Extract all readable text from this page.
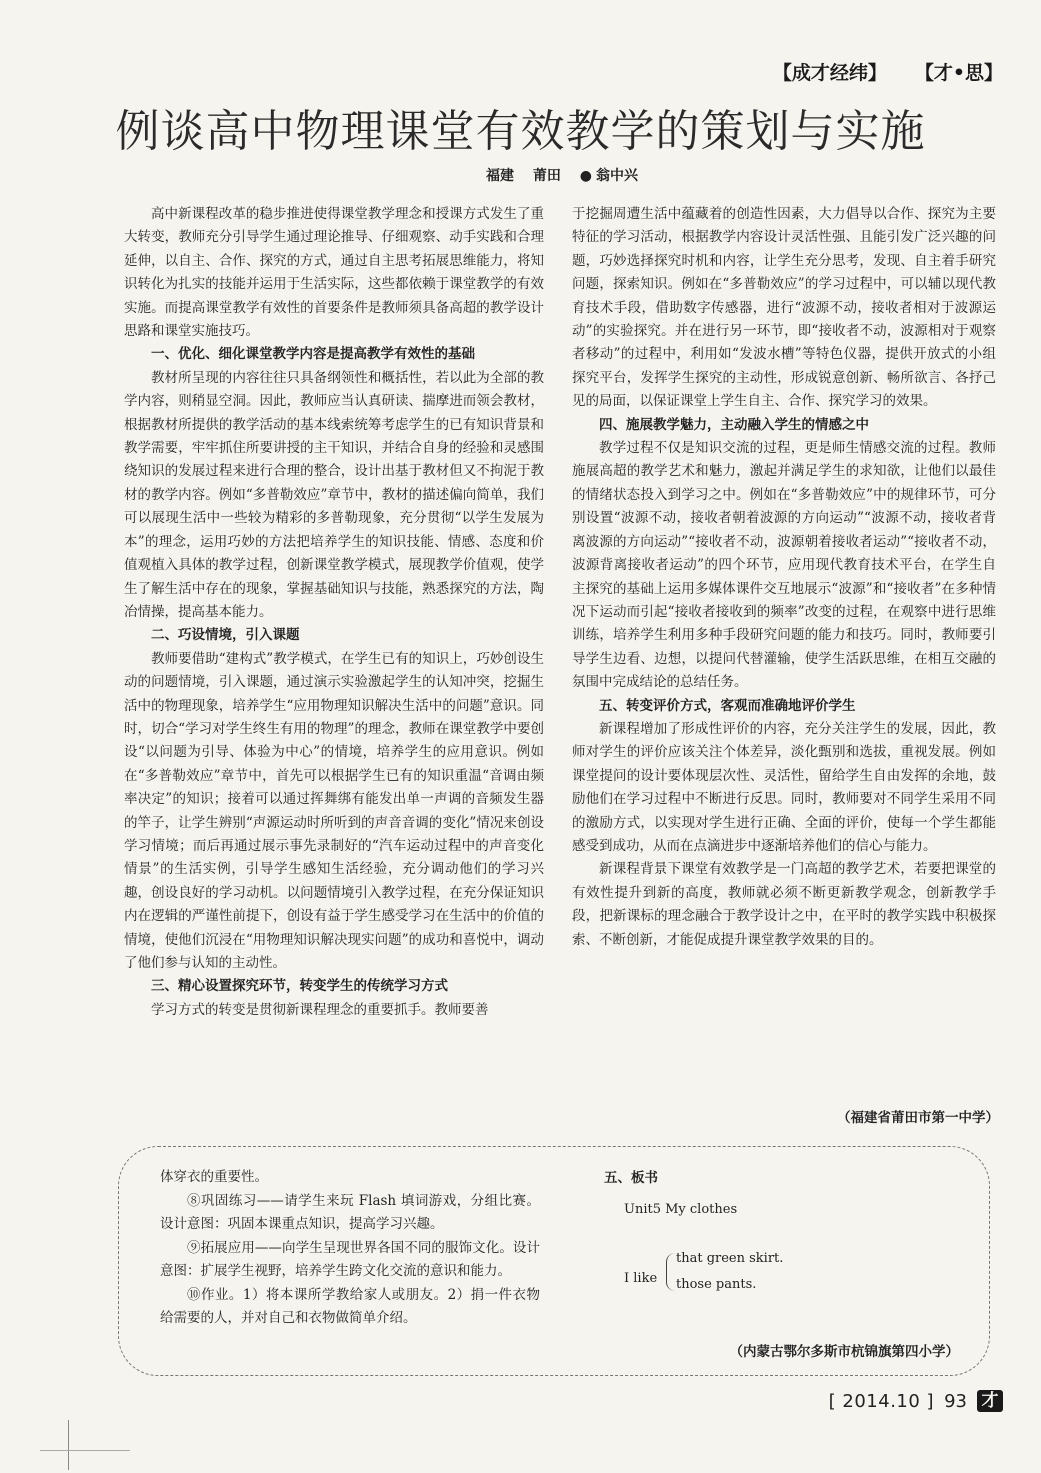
【成才经纬】 【才•思】
例谈高中物理课堂有效教学的策划与实施
福建 莆田 ● 翁中兴

高中新课程改革的稳步推进使得课堂教学理念和授课方式发生了重大转变，教师充分引导学生通过理论推导、仔细观察、动手实践和合理延伸，以自主、合作、探究的方式，通过自主思考拓展思维能力，将知识转化为扎实的技能并运用于生活实际，这些都依赖于课堂教学的有效实施。而提高课堂教学有效性的首要条件是教师须具备高超的教学设计思路和课堂实施技巧。

一、优化、细化课堂教学内容是提高教学有效性的基础

教材所呈现的内容往往只具备纲领性和概括性，若以此为全部的教学内容，则稍显空洞。因此，教师应当认真研读、揣摩进而领会教材，根据教材所提供的教学活动的基本线索统筹考虑学生的已有知识背景和教学需要，牢牢抓住所要讲授的主干知识，并结合自身的经验和灵感围绕知识的发展过程来进行合理的整合，设计出基于教材但又不拘泥于教材的教学内容。例如“多普勒效应”章节中，教材的描述偏向简单，我们可以展现生活中一些较为精彩的多普勒现象，充分贯彻“以学生发展为本”的理念，运用巧妙的方法把培养学生的知识技能、情感、态度和价值观植入具体的教学过程，创新课堂教学模式，展现教学价值观，使学生了解生活中存在的现象，掌握基础知识与技能，熟悉探究的方法，陶冶情操，提高基本能力。

二、巧设情境，引入课题

教师要借助“建构式”教学模式，在学生已有的知识上，巧妙创设生动的问题情境，引入课题，通过演示实验激起学生的认知冲突，挖掘生活中的物理现象，培养学生“应用物理知识解决生活中的问题”意识。同时，切合“学习对学生终生有用的物理”的理念，教师在课堂教学中要创设“以问题为引导、体验为中心”的情境，培养学生的应用意识。例如在“多普勒效应”章节中，首先可以根据学生已有的知识重温“音调由频率决定”的知识；接着可以通过挥舞绑有能发出单一声调的音频发生器的竿子，让学生辨别“声源运动时所听到的声音音调的变化”情况来创设学习情境；而后再通过展示事先录制好的“汽车运动过程中的声音变化情景”的生活实例，引导学生感知生活经验，充分调动他们的学习兴趣，创设良好的学习动机。以问题情境引入教学过程，在充分保证知识内在逻辑的严谨性前提下，创设有益于学生感受学习在生活中的价值的情境，使他们沉浸在“用物理知识解决现实问题”的成功和喜悦中，调动了他们参与认知的主动性。

三、精心设置探究环节，转变学生的传统学习方式

学习方式的转变是贯彻新课程理念的重要抓手。教师要善

于挖掘周遭生活中蕴藏着的创造性因素，大力倡导以合作、探究为主要特征的学习活动，根据教学内容设计灵活性强、且能引发广泛兴趣的问题，巧妙选择探究时机和内容，让学生充分思考，发现、自主着手研究问题，探索知识。例如在“多普勒效应”的学习过程中，可以辅以现代教育技术手段，借助数字传感器，进行“波源不动，接收者相对于波源运动”的实验探究。并在进行另一环节，即“接收者不动，波源相对于观察者移动”的过程中，利用如“发波水槽”等特色仪器，提供开放式的小组探究平台，发挥学生探究的主动性，形成锐意创新、畅所欲言、各抒己见的局面，以保证课堂上学生自主、合作、探究学习的效果。

四、施展教学魅力，主动融入学生的情感之中

教学过程不仅是知识交流的过程，更是师生情感交流的过程。教师施展高超的教学艺术和魅力，激起并满足学生的求知欲，让他们以最佳的情绪状态投入到学习之中。例如在“多普勒效应”中的规律环节，可分别设置“波源不动，接收者朝着波源的方向运动”“波源不动，接收者背离波源的方向运动”“接收者不动，波源朝着接收者运动”“接收者不动，波源背离接收者运动”的四个环节，应用现代教育技术平台，在学生自主探究的基础上运用多媒体课件交互地展示“波源”和“接收者”在多种情况下运动而引起“接收者接收到的频率”改变的过程，在观察中进行思维训练，培养学生利用多种手段研究问题的能力和技巧。同时，教师要引导学生边看、边想，以提问代替灌输，使学生活跃思维，在相互交融的氛围中完成结论的总结任务。

五、转变评价方式，客观而准确地评价学生

新课程增加了形成性评价的内容，充分关注学生的发展，因此，教师对学生的评价应该关注个体差异，淡化甄别和选拔，重视发展。例如课堂提问的设计要体现层次性、灵活性，留给学生自由发挥的余地，鼓励他们在学习过程中不断进行反思。同时，教师要对不同学生采用不同的激励方式，以实现对学生进行正确、全面的评价，使每一个学生都能感受到成功，从而在点滴进步中逐渐培养他们的信心与能力。

新课程背景下课堂有效教学是一门高超的教学艺术，若要把课堂的有效性提升到新的高度，教师就必须不断更新教学观念，创新教学手段，把新课标的理念融合于教学设计之中，在平时的教学实践中积极探索、不断创新，才能促成提升课堂教学效果的目的。

（福建省莆田市第一中学）

体穿衣的重要性。

⑧巩固练习——请学生来玩 Flash 填词游戏，分组比赛。设计意图：巩固本课重点知识，提高学习兴趣。

⑨拓展应用——向学生呈现世界各国不同的服饰文化。设计意图：扩展学生视野，培养学生跨文化交流的意识和能力。

⑩作业。1）将本课所学教给家人或朋友。2）捐一件衣物给需要的人，并对自己和衣物做简单介绍。

五、板书
Unit5 My clothes
I like
that green skirt.
those pants.
（内蒙古鄂尔多斯市杭锦旗第四小学）
[ 2014.10 ] 93 才
